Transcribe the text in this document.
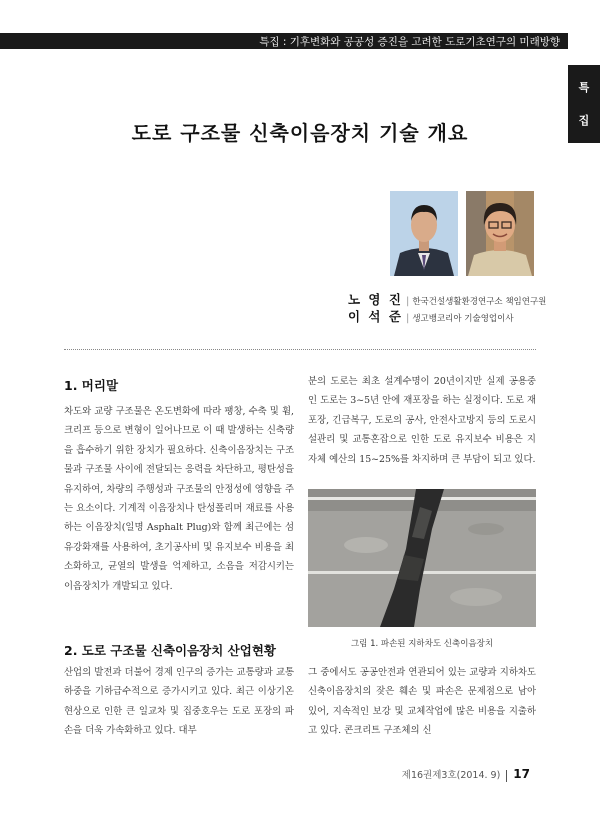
특집 : 기후변화와 공공성 증진을 고려한 도로기초연구의 미래방향
특
집
도로 구조물 신축이음장치 기술 개요
노 영 진 | 한국건설생활환경연구소 책임연구원
이 석 준 | 생고뱅코리아 기술영업이사
1. 머리말

차도와 교량 구조물은 온도변화에 따라 팽창, 수축 및 휨, 크리프 등으로 변형이 일어나므로 이 때 발생하는 신축량을 흡수하기 위한 장치가 필요하다. 신축이음장치는 구조물과 구조물 사이에 전달되는 응력을 차단하고, 평탄성을 유지하여, 차량의 주행성과 구조물의 안정성에 영향을 주는 요소이다. 기계적 이음장치나 탄성폴리머 재료를 사용하는 이음장치(일명 Asphalt Plug)와 함께 최근에는 섬유강화재를 사용하여, 초기공사비 및 유지보수 비용을 최소화하고, 균열의 발생을 억제하고, 소음을 저감시키는 이음장치가 개발되고 있다.

2. 도로 구조물 신축이음장치 산업현황

산업의 발전과 더불어 경제 인구의 증가는 교통량과 교통하중을 기하급수적으로 증가시키고 있다. 최근 이상기온 현상으로 인한 큰 일교차 및 집중호우는 도로 포장의 파손을 더욱 가속화하고 있다. 대부

분의 도로는 최초 설계수명이 20년이지만 실제 공용중인 도로는 3~5년 안에 재포장을 하는 실정이다. 도로 재포장, 긴급복구, 도로의 공사, 안전사고방지 등의 도로시설관리 및 교통혼잡으로 인한 도로 유지보수 비용은 지자체 예산의 15~25%를 차지하며 큰 부담이 되고 있다.

그림 1. 파손된 지하차도 신축이음장치

그 중에서도 공공안전과 연관되어 있는 교량과 지하차도 신축이음장치의 잦은 훼손 및 파손은 문제점으로 남아 있어, 지속적인 보강 및 교체작업에 많은 비용을 지출하고 있다. 콘크리트 구조체의 신

제16권제3호(2014. 9) 17
